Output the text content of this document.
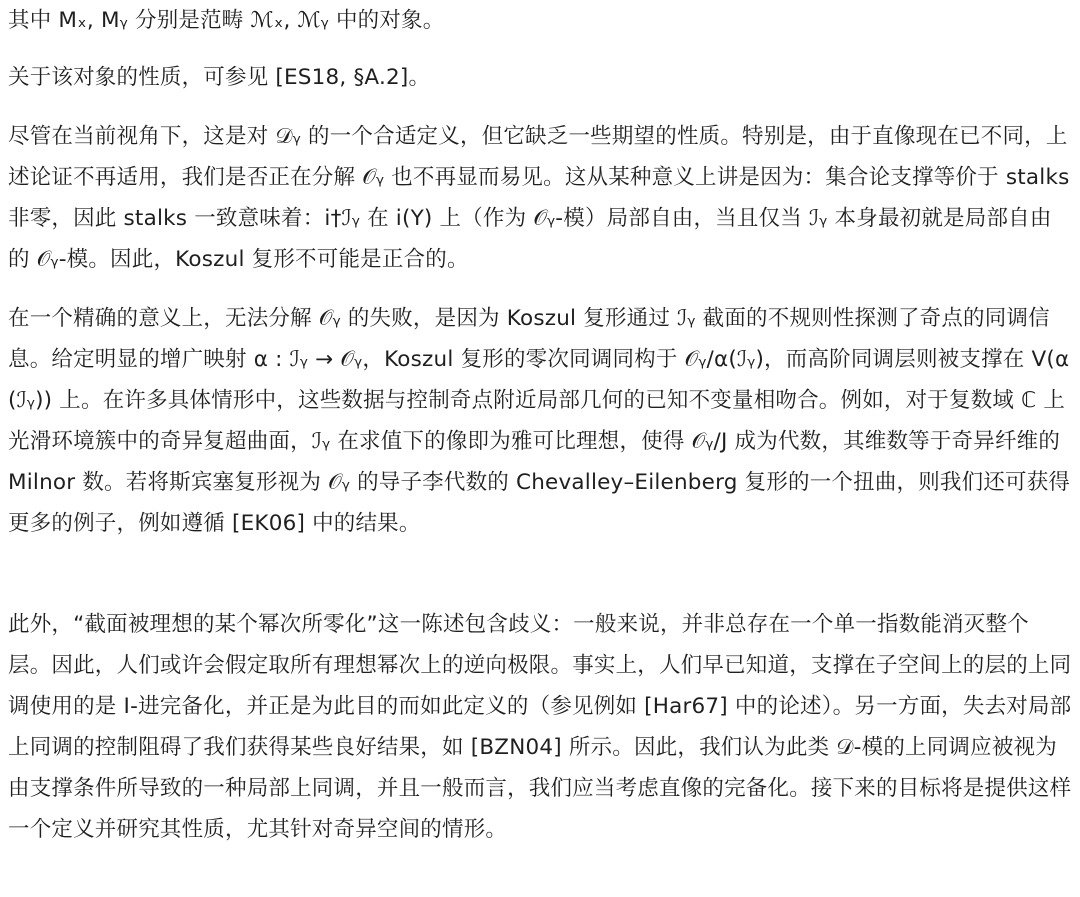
其中 Mₓ, Mᵧ 分别是范畴 ℳₓ, ℳᵧ 中的对象。

关于该对象的性质，可参见 [ES18, §A.2]。

尽管在当前视角下，这是对 𝒟ᵧ 的一个合适定义，但它缺乏一些期望的性质。特别是，由于直像现在已不同，上述论证不再适用，我们是否正在分解 𝒪ᵧ 也不再显而易见。这从某种意义上讲是因为：集合论支撑等价于 stalks 非零，因此 stalks 一致意味着：i†ℐᵧ 在 i(Y) 上（作为 𝒪ᵧ-模）局部自由，当且仅当 ℐᵧ 本身最初就是局部自由的 𝒪ᵧ-模。因此，Koszul 复形不可能是正合的。

在一个精确的意义上，无法分解 𝒪ᵧ 的失败，是因为 Koszul 复形通过 ℐᵧ 截面的不规则性探测了奇点的同调信息。给定明显的增广映射 α : ℐᵧ → 𝒪ᵧ，Koszul 复形的零次同调同构于 𝒪ᵧ/α(ℐᵧ)，而高阶同调层则被支撑在 V(α(ℐᵧ)) 上。在许多具体情形中，这些数据与控制奇点附近局部几何的已知不变量相吻合。例如，对于复数域 ℂ 上光滑环境簇中的奇异复超曲面，ℐᵧ 在求值下的像即为雅可比理想，使得 𝒪ᵧ/J 成为代数，其维数等于奇异纤维的 Milnor 数。若将斯宾塞复形视为 𝒪ᵧ 的导子李代数的 Chevalley–Eilenberg 复形的一个扭曲，则我们还可获得更多的例子，例如遵循 [EK06] 中的结果。

此外，“截面被理想的某个幂次所零化”这一陈述包含歧义：一般来说，并非总存在一个单一指数能消灭整个层。因此，人们或许会假定取所有理想幂次上的逆向极限。事实上，人们早已知道，支撑在子空间上的层的上同调使用的是 I-进完备化，并正是为此目的而如此定义的（参见例如 [Har67] 中的论述）。另一方面，失去对局部上同调的控制阻碍了我们获得某些良好结果，如 [BZN04] 所示。因此，我们认为此类 𝒟-模的上同调应被视为由支撑条件所导致的一种局部上同调，并且一般而言，我们应当考虑直像的完备化。接下来的目标将是提供这样一个定义并研究其性质，尤其针对奇异空间的情形。
